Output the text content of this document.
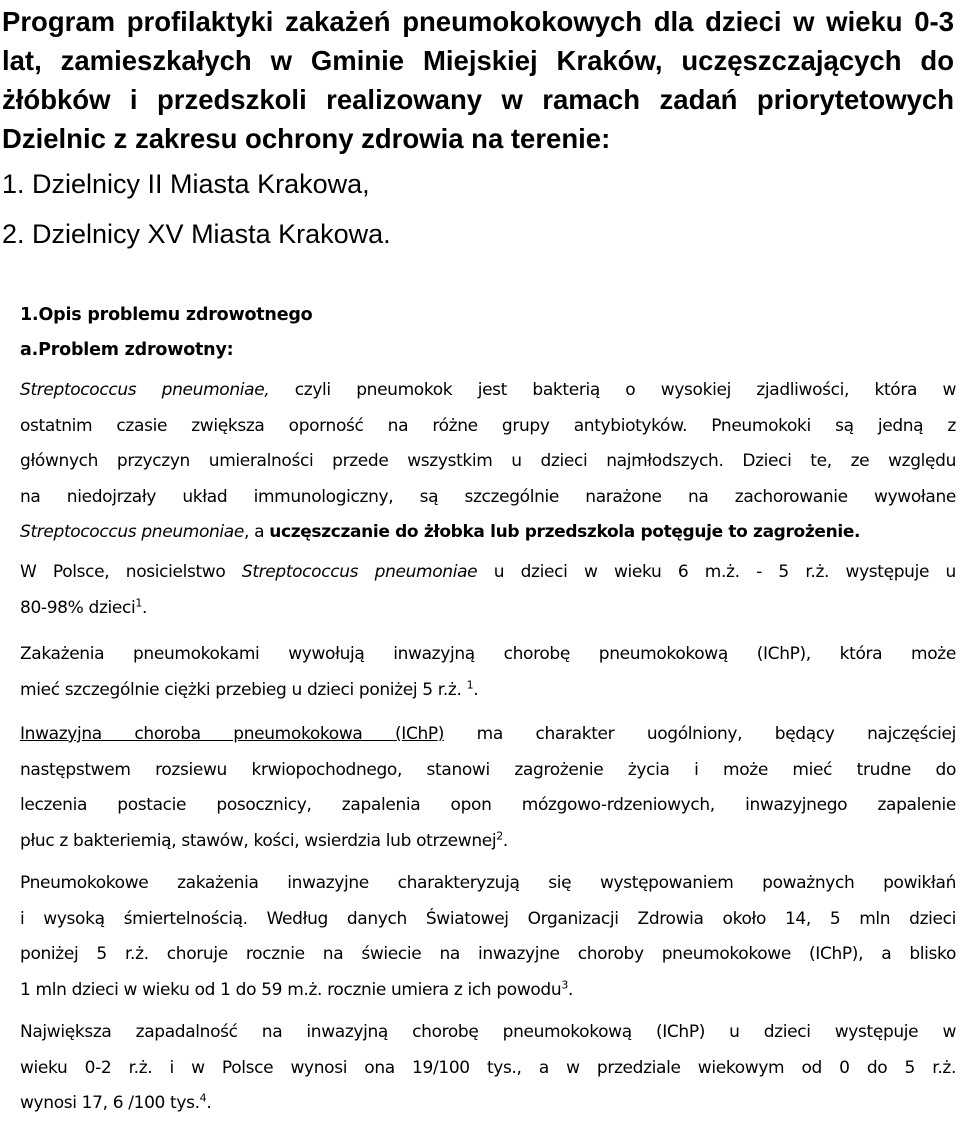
Program profilaktyki zakażeń pneumokokowych dla dzieci w wieku 0-3
lat, zamieszkałych w Gminie Miejskiej Kraków, uczęszczających do
żłóbków i przedszkoli realizowany w ramach zadań priorytetowych
Dzielnic z zakresu ochrony zdrowia na terenie:
1. Dzielnicy II Miasta Krakowa,
2. Dzielnicy XV Miasta Krakowa.
1.Opis problemu zdrowotnego
a.Problem zdrowotny:
Streptococcus pneumoniae, czyli pneumokok jest bakterią o wysokiej zjadliwości, która w
ostatnim czasie zwiększa oporność na różne grupy antybiotyków. Pneumokoki są jedną z
głównych przyczyn umieralności przede wszystkim u dzieci najmłodszych. Dzieci te, ze względu
na niedojrzały układ immunologiczny, są szczególnie narażone na zachorowanie wywołane
Streptococcus pneumoniae, a uczęszczanie do żłobka lub przedszkola potęguje to zagrożenie.
W Polsce, nosicielstwo Streptococcus pneumoniae u dzieci w wieku 6 m.ż. - 5 r.ż. występuje u
80-98% dzieci$^1$.
Zakażenia pneumokokami wywołują inwazyjną chorobę pneumokokową (IChP), która może
mieć szczególnie ciężki przebieg u dzieci poniżej 5 r.ż. $^1$.
Inwazyjna choroba pneumokokowa (IChP) ma charakter uogólniony, będący najczęściej
następstwem rozsiewu krwiopochodnego, stanowi zagrożenie życia i może mieć trudne do
leczenia postacie posocznicy, zapalenia opon mózgowo-rdzeniowych, inwazyjnego zapalenie
płuc z bakteriemią, stawów, kości, wsierdzia lub otrzewnej$^2$.
Pneumokokowe zakażenia inwazyjne charakteryzują się występowaniem poważnych powikłań
i wysoką śmiertelnością. Według danych Światowej Organizacji Zdrowia około 14, 5 mln dzieci
poniżej 5 r.ż. choruje rocznie na świecie na inwazyjne choroby pneumokokowe (IChP), a blisko
1 mln dzieci w wieku od 1 do 59 m.ż. rocznie umiera z ich powodu$^3$.
Największa zapadalność na inwazyjną chorobę pneumokokową (IChP) u dzieci występuje w
wieku 0-2 r.ż. i w Polsce wynosi ona 19/100 tys., a w przedziale wiekowym od 0 do 5 r.ż.
wynosi 17, 6 /100 tys.$^4$.
